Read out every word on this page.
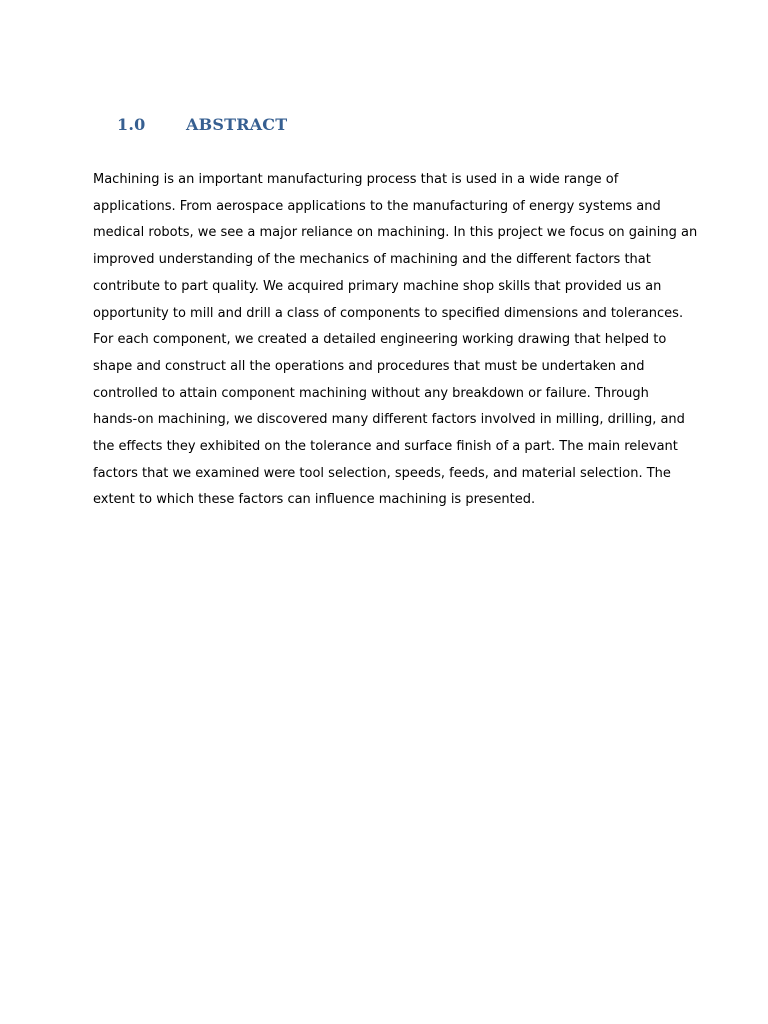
1.0	ABSTRACT
Machining is an important manufacturing process that is used in a wide range of
applications. From aerospace applications to the manufacturing of energy systems and
medical robots, we see a major reliance on machining. In this project we focus on gaining an
improved understanding of the mechanics of machining and the different factors that
contribute to part quality. We acquired primary machine shop skills that provided us an
opportunity to mill and drill a class of components to specified dimensions and tolerances.
For each component, we created a detailed engineering working drawing that helped to
shape and construct all the operations and procedures that must be undertaken and
controlled to attain component machining without any breakdown or failure. Through
hands-on machining, we discovered many different factors involved in milling, drilling, and
the effects they exhibited on the tolerance and surface finish of a part. The main relevant
factors that we examined were tool selection, speeds, feeds, and material selection. The
extent to which these factors can influence machining is presented.
